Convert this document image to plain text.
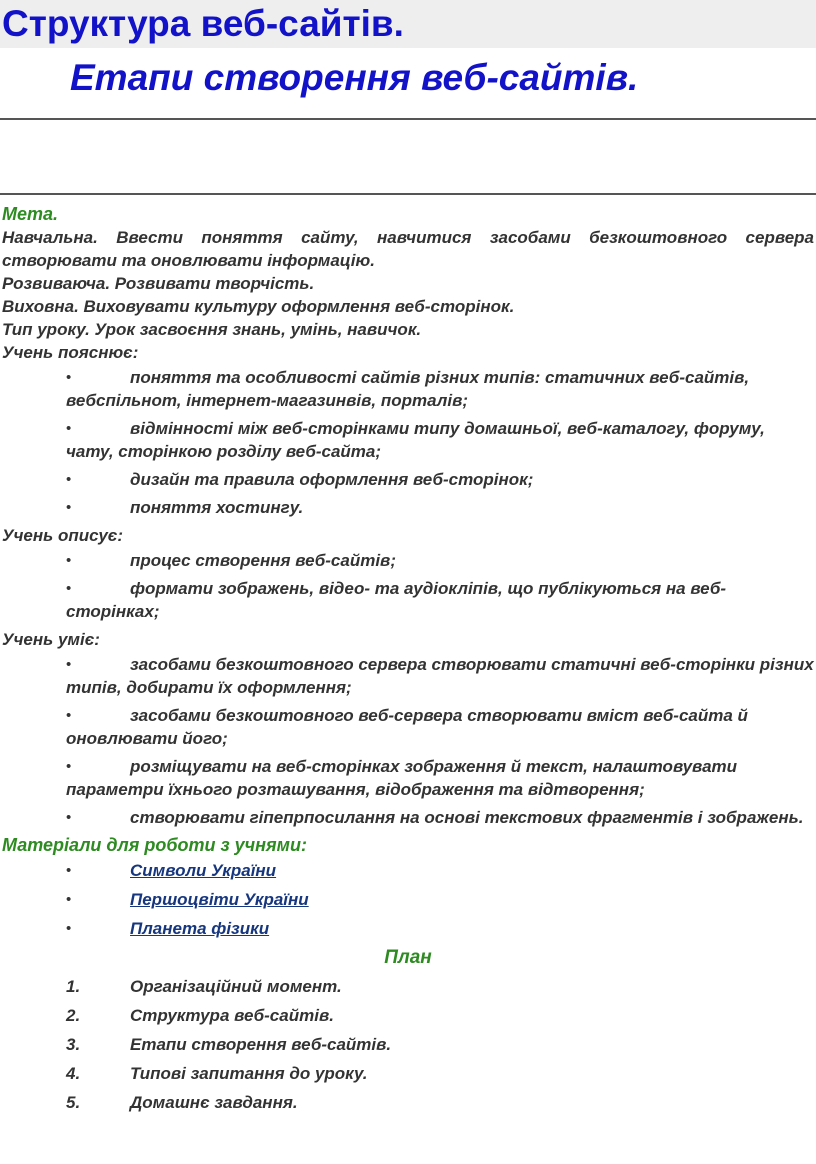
Структура веб-сайтів.
Етапи створення веб-сайтів.

Мета.

Навчальна. Ввести поняття сайту, навчитися засобами безкоштовного сервера створювати та оновлювати інформацію.

Розвиваюча. Розвивати творчість.

Виховна. Виховувати культуру оформлення веб-сторінок.

Тип уроку. Урок засвоєння знань, умінь, навичок.

Учень пояснює:

•	поняття та особливості сайтів різних типів: статичних веб-сайтів, вебспільнот, інтернет-магазинвів, порталів;
•	відмінності між веб-сторінками типу домашньої, веб-каталогу, форуму, чату, сторінкою розділу веб-сайта;
•	дизайн та правила оформлення веб-сторінок;
•	поняття хостингу.

Учень описує:

•	процес створення веб-сайтів;
•	формати зображень, відео- та аудіокліпів, що публікуються на веб-сторінках;

Учень уміє:

•	засобами безкоштовного сервера створювати статичні веб-сторінки різних типів, добирати їх оформлення;
•	засобами безкоштовного веб-сервера створювати вміст веб-сайта й оновлювати його;
•	розміщувати на веб-сторінках зображення й текст, налаштовувати параметри їхнього розташування, відображення та відтворення;
•	створювати гіпепрпосилання на основі текстових фрагментів і зображень.

Матеріали для роботи з учнями:

•	Символи України
•	Першоцвіти України
•	Планета фізики

План

1.	Організаційний момент.
2.	Структура веб-сайтів.
3.	Етапи створення веб-сайтів.
4.	Типові запитання до уроку.
5.	Домашнє завдання.
